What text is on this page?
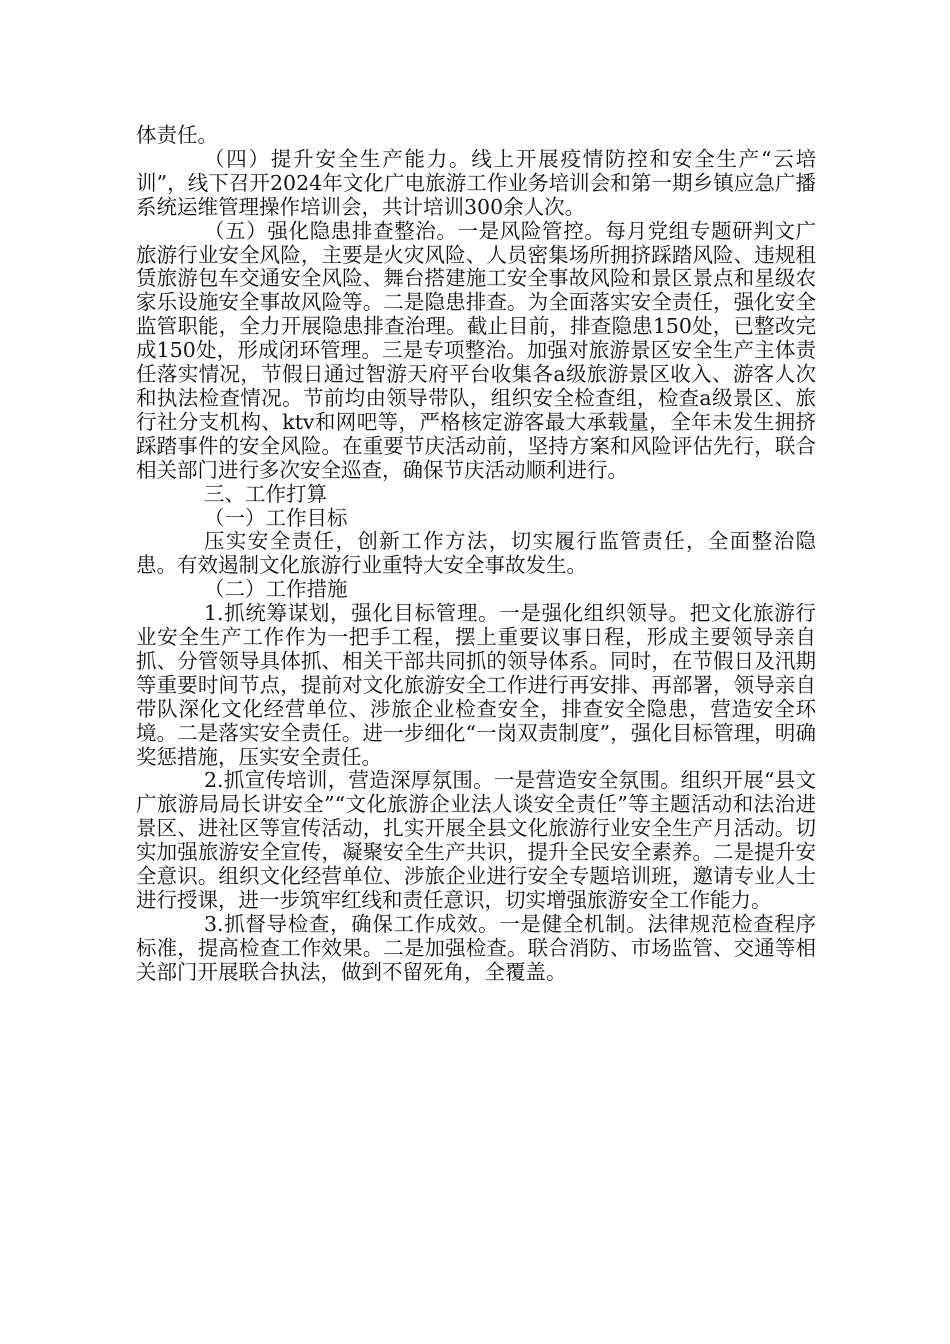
体责任。

（四）提升安全生产能力。线上开展疫情防控和安全生产“云培训”，线下召开2024年文化广电旅游工作业务培训会和第一期乡镇应急广播系统运维管理操作培训会，共计培训300余人次。

（五）强化隐患排查整治。一是风险管控。每月党组专题研判文广旅游行业安全风险，主要是火灾风险、人员密集场所拥挤踩踏风险、违规租赁旅游包车交通安全风险、舞台搭建施工安全事故风险和景区景点和星级农家乐设施安全事故风险等。二是隐患排查。为全面落实安全责任，强化安全监管职能，全力开展隐患排查治理。截止目前，排查隐患150处，已整改完成150处，形成闭环管理。三是专项整治。加强对旅游景区安全生产主体责任落实情况，节假日通过智游天府平台收集各a级旅游景区收入、游客人次和执法检查情况。节前均由领导带队，组织安全检查组，检查a级景区、旅行社分支机构、ktv和网吧等，严格核定游客最大承载量，全年未发生拥挤踩踏事件的安全风险。在重要节庆活动前，坚持方案和风险评估先行，联合相关部门进行多次安全巡查，确保节庆活动顺利进行。

三、工作打算

（一）工作目标

压实安全责任，创新工作方法，切实履行监管责任，全面整治隐患。有效遏制文化旅游行业重特大安全事故发生。

（二）工作措施

1.抓统筹谋划，强化目标管理。一是强化组织领导。把文化旅游行业安全生产工作作为一把手工程，摆上重要议事日程，形成主要领导亲自抓、分管领导具体抓、相关干部共同抓的领导体系。同时，在节假日及汛期等重要时间节点，提前对文化旅游安全工作进行再安排、再部署，领导亲自带队深化文化经营单位、涉旅企业检查安全，排查安全隐患，营造安全环境。二是落实安全责任。进一步细化“一岗双责制度”，强化目标管理，明确奖惩措施，压实安全责任。

2.抓宣传培训，营造深厚氛围。一是营造安全氛围。组织开展“县文广旅游局局长讲安全”“文化旅游企业法人谈安全责任”等主题活动和法治进景区、进社区等宣传活动，扎实开展全县文化旅游行业安全生产月活动。切实加强旅游安全宣传，凝聚安全生产共识，提升全民安全素养。二是提升安全意识。组织文化经营单位、涉旅企业进行安全专题培训班，邀请专业人士进行授课，进一步筑牢红线和责任意识，切实增强旅游安全工作能力。

3.抓督导检查，确保工作成效。一是健全机制。法律规范检查程序标准，提高检查工作效果。二是加强检查。联合消防、市场监管、交通等相关部门开展联合执法，做到不留死角，全覆盖。
